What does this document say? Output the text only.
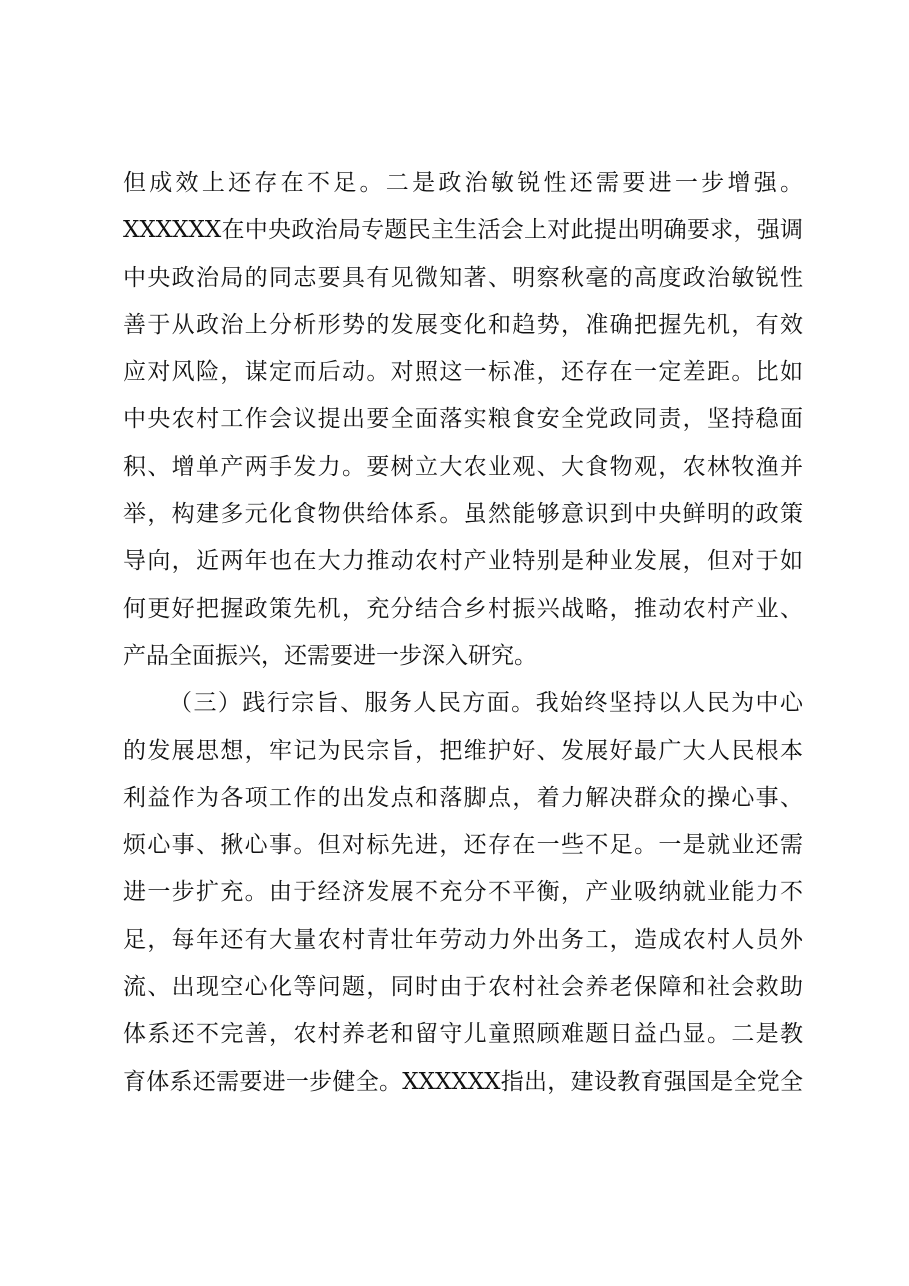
但成效上还存在不足。二是政治敏锐性还需要进一步增强。
XXXXXX在中央政治局专题民主生活会上对此提出明确要求，强调
中央政治局的同志要具有见微知著、明察秋毫的高度政治敏锐性
善于从政治上分析形势的发展变化和趋势，准确把握先机，有效
应对风险，谋定而后动。对照这一标准，还存在一定差距。比如
中央农村工作会议提出要全面落实粮食安全党政同责，坚持稳面
积、增单产两手发力。要树立大农业观、大食物观，农林牧渔并
举，构建多元化食物供给体系。虽然能够意识到中央鲜明的政策
导向，近两年也在大力推动农村产业特别是种业发展，但对于如
何更好把握政策先机，充分结合乡村振兴战略，推动农村产业、
产品全面振兴，还需要进一步深入研究。
（三）践行宗旨、服务人民方面。我始终坚持以人民为中心
的发展思想，牢记为民宗旨，把维护好、发展好最广大人民根本
利益作为各项工作的出发点和落脚点，着力解决群众的操心事、
烦心事、揪心事。但对标先进，还存在一些不足。一是就业还需
进一步扩充。由于经济发展不充分不平衡，产业吸纳就业能力不
足，每年还有大量农村青壮年劳动力外出务工，造成农村人员外
流、出现空心化等问题，同时由于农村社会养老保障和社会救助
体系还不完善，农村养老和留守儿童照顾难题日益凸显。二是教
育体系还需要进一步健全。XXXXXX指出，建设教育强国是全党全
